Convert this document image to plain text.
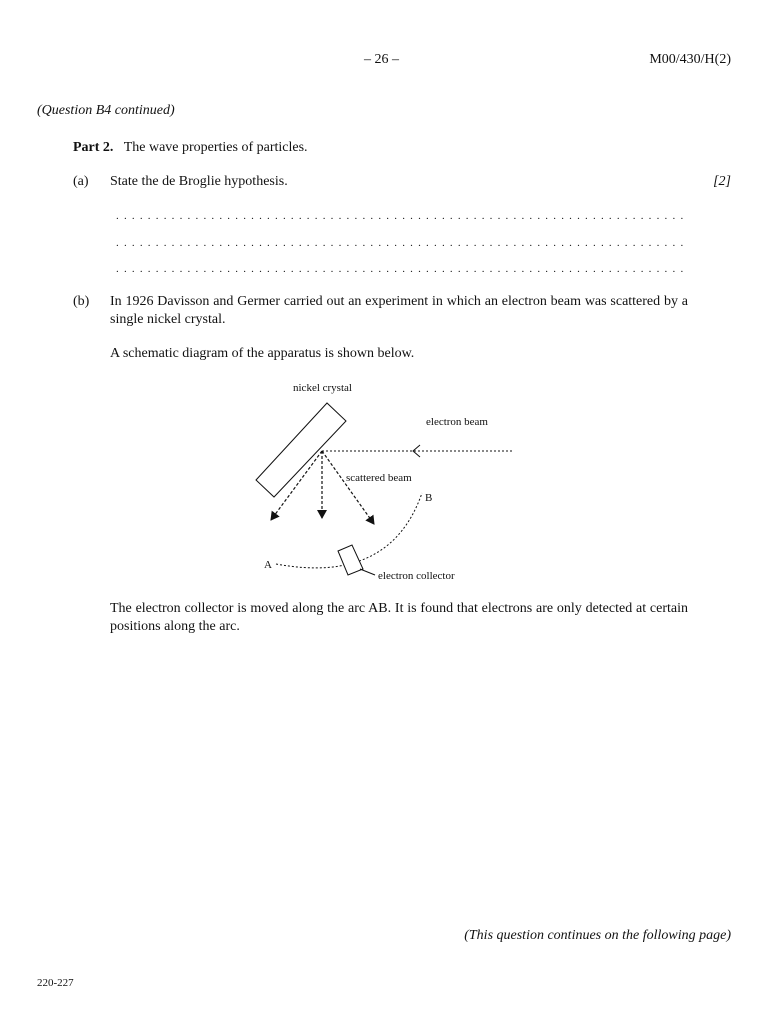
– 26 –	M00/430/H(2)
(Question B4 continued)
Part 2. The wave properties of particles.
(a) State the de Broglie hypothesis.	[2]
........................................................................
........................................................................
........................................................................
(b) In 1926 Davisson and Germer carried out an experiment in which an electron beam was scattered by a single nickel crystal.
A schematic diagram of the apparatus is shown below.
nickel crystal
electron beam
scattered beam
B
A
electron collector
The electron collector is moved along the arc AB. It is found that electrons are only detected at certain positions along the arc.
(This question continues on the following page)
220-227
